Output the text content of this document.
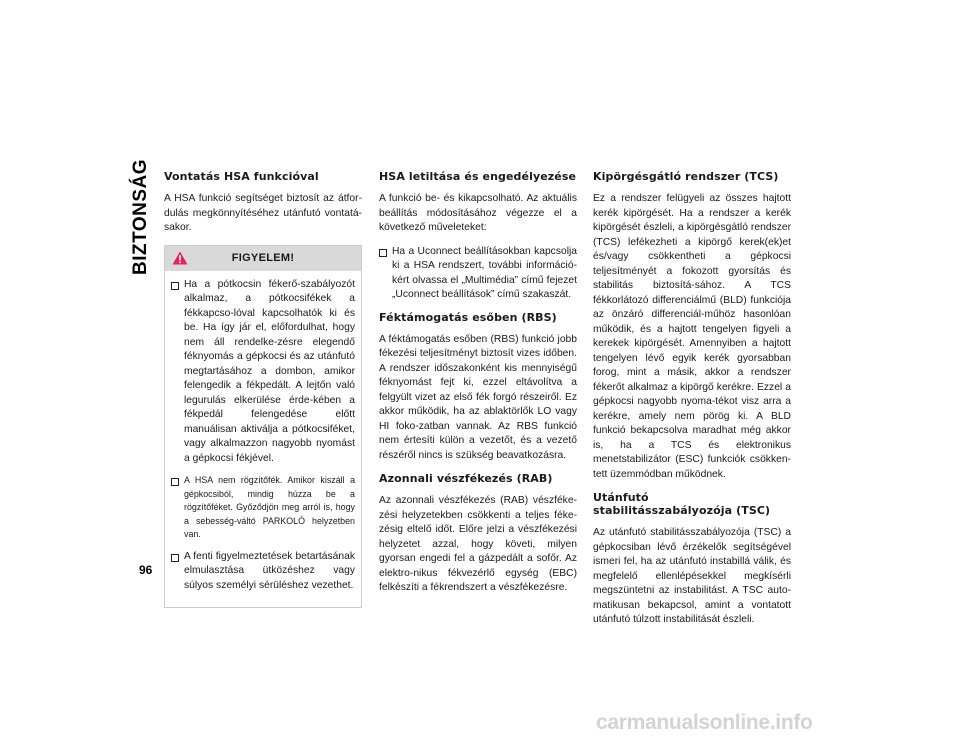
BIZTONSÁG
96
Vontatás HSA funkcióval

A HSA funkció segítséget biztosít az átfor-dulás megkönnyítéséhez utánfutó vontatá-sakor.

FIGYELEM!
Ha a pótkocsin fékerő-szabályozót alkalmaz, a pótkocsifékek a fékkapcso-lóval kapcsolhatók ki és be. Ha így jár el, előfordulhat, hogy nem áll rendelke-zésre elegendő féknyomás a gépkocsi és az utánfutó megtartásához a dombon, amikor felengedik a fékpedált. A lejtőn való legurulás elkerülése érde-kében a fékpedál felengedése előtt manuálisan aktiválja a pótkocsiféket, vagy alkalmazzon nagyobb nyomást a gépkocsi fékjével.
A HSA nem rögzítőfék. Amikor kiszáll a gépkocsiból, mindig húzza be a rögzítőféket. Győződjön meg arról is, hogy a sebesség-váltó PARKOLÓ helyzetben van.
A fenti figyelmeztetések betartásának elmulasztása ütközéshez vagy súlyos személyi sérüléshez vezethet.
HSA letiltása és engedélyezése

A funkció be- és kikapcsolható. Az aktuális beállítás módosításához végezze el a következő műveleteket:

Ha a Uconnect beállításokban kapcsolja ki a HSA rendszert, további információ-kért olvassa el „Multimédia” című fejezet „Uconnect beállítások” című szakaszát.
Féktámogatás esőben (RBS)

A féktámogatás esőben (RBS) funkció jobb fékezési teljesítményt biztosít vizes időben. A rendszer időszakonként kis mennyiségű féknyomást fejt ki, ezzel eltávolítva a felgyült vizet az első fék forgó részeiről. Ez akkor működik, ha az ablaktörlők LO vagy HI foko-zatban vannak. Az RBS funkció nem értesíti külön a vezetőt, és a vezető részéről nincs is szükség beavatkozásra.

Azonnali vészfékezés (RAB)

Az azonnali vészfékezés (RAB) vészféke-zési helyzetekben csökkenti a teljes féke-zésig eltelő időt. Előre jelzi a vészfékezési helyzetet azzal, hogy követi, milyen gyorsan engedi fel a gázpedált a sofőr. Az elektro-nikus fékvezérlő egység (EBC) felkészíti a fékrendszert a vészfékezésre.

Kipörgésgátló rendszer (TCS)

Ez a rendszer felügyeli az összes hajtott kerék kipörgését. Ha a rendszer a kerék kipörgését észleli, a kipörgésgátló rendszer (TCS) lefékezheti a kipörgő kerek(ek)et és/vagy csökkentheti a gépkocsi teljesítményét a fokozott gyorsítás és stabilitás biztosítá-sához. A TCS fékkorlátozó differenciálmű (BLD) funkciója az önzáró differenciál-műhöz hasonlóan működik, és a hajtott tengelyen figyeli a kerekek kipörgését. Amennyiben a hajtott tengelyen lévő egyik kerék gyorsabban forog, mint a másik, akkor a rendszer fékerőt alkalmaz a kipörgő kerékre. Ezzel a gépkocsi nagyobb nyoma-tékot visz arra a kerékre, amely nem pörög ki. A BLD funkció bekapcsolva maradhat még akkor is, ha a TCS és elektronikus menetstabilizátor (ESC) funkciók csökken-tett üzemmódban működnek.

Utánfutó stabilitásszabályozója (TSC)

Az utánfutó stabilitásszabályozója (TSC) a gépkocsiban lévő érzékelők segítségével ismeri fel, ha az utánfutó instabillá válik, és megfelelő ellenlépésekkel megkísérli megszüntetni az instabilitást. A TSC auto-matikusan bekapcsol, amint a vontatott utánfutó túlzott instabilitását észleli.

carmanualsonline.info
